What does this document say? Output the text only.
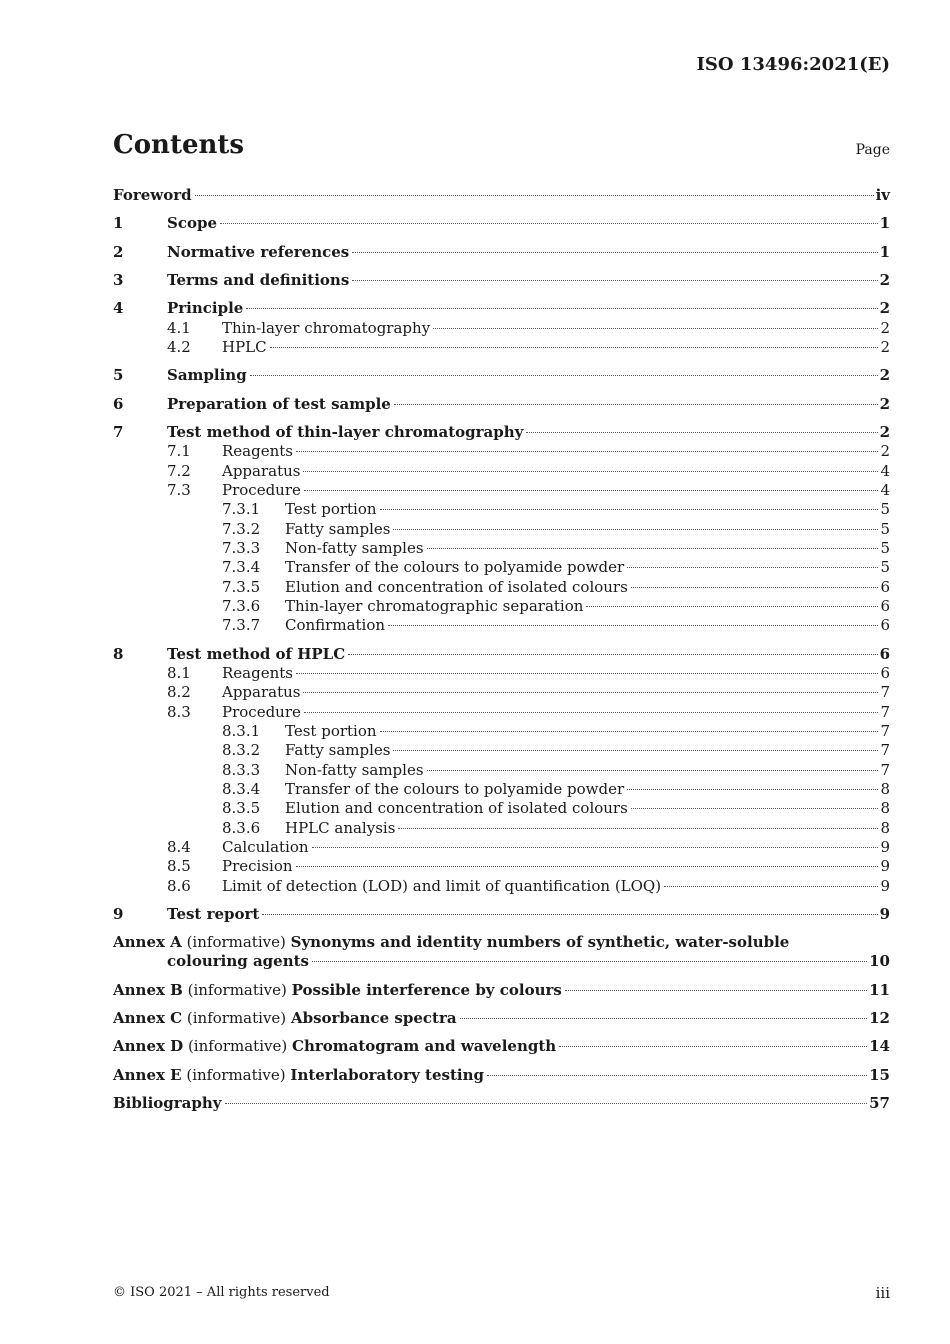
ISO 13496:2021(E)
Contents	Page
Foreword	iv
1	Scope	1
2	Normative references	1
3	Terms and definitions	2
4	Principle	2
4.1 Thin-layer chromatography	2
4.2 HPLC	2
5	Sampling	2
6	Preparation of test sample	2
7	Test method of thin-layer chromatography	2
7.1 Reagents	2
7.2 Apparatus	4
7.3 Procedure	4
7.3.1 Test portion	5
7.3.2 Fatty samples	5
7.3.3 Non-fatty samples	5
7.3.4 Transfer of the colours to polyamide powder	5
7.3.5 Elution and concentration of isolated colours	6
7.3.6 Thin-layer chromatographic separation	6
7.3.7 Confirmation	6
8	Test method of HPLC	6
8.1 Reagents	6
8.2 Apparatus	7
8.3 Procedure	7
8.3.1 Test portion	7
8.3.2 Fatty samples	7
8.3.3 Non-fatty samples	7
8.3.4 Transfer of the colours to polyamide powder	8
8.3.5 Elution and concentration of isolated colours	8
8.3.6 HPLC analysis	8
8.4 Calculation	9
8.5 Precision	9
8.6 Limit of detection (LOD) and limit of quantification (LOQ)	9
9	Test report	9
Annex A (informative) Synonyms and identity numbers of synthetic, water-soluble
colouring agents	10
Annex B (informative) Possible interference by colours	11
Annex C (informative) Absorbance spectra	12
Annex D (informative) Chromatogram and wavelength	14
Annex E (informative) Interlaboratory testing	15
Bibliography	57
© ISO 2021 – All rights reserved	iii
